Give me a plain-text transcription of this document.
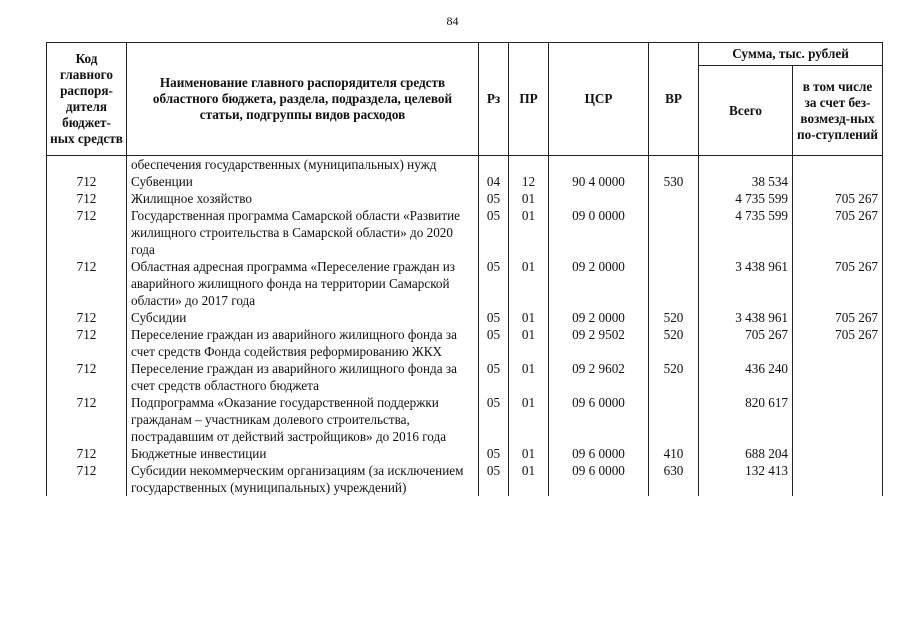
84
Код главного распоря-дителя бюджет-ных средств	Наименование главного распорядителя средств областного бюджета, раздела, подраздела, целевой статьи, подгруппы видов расходов	Рз	ПР	ЦСР	ВР	Сумма, тыс. рублей	
						Всего	в том числе за счет без-возмезд-ных по-ступлений
	обеспечения государственных (муниципальных) нужд						
712	Субвенции	04	12	90 4 0000	530	38 534	
712	Жилищное хозяйство	05	01			4 735 599	705 267
712	Государственная программа Самарской области «Развитие жилищного строительства в Самарской области» до 2020 года	05	01	09 0 0000		4 735 599	705 267
712	Областная адресная программа «Переселение граждан из аварийного жилищного фонда на территории Самарской области» до 2017 года	05	01	09 2 0000		3 438 961	705 267
712	Субсидии	05	01	09 2 0000	520	3 438 961	705 267
712	Переселение граждан из аварийного жилищного фонда за счет средств Фонда содействия реформированию ЖКХ	05	01	09 2 9502	520	705 267	705 267
712	Переселение граждан из аварийного жилищного фонда за счет средств областного бюджета	05	01	09 2 9602	520	436 240	
712	Подпрограмма «Оказание государственной поддержки гражданам – участникам долевого строительства, пострадавшим от действий застройщиков» до 2016 года	05	01	09 6 0000		820 617	
712	Бюджетные инвестиции	05	01	09 6 0000	410	688 204	
712	Субсидии некоммерческим организациям (за исключением государственных (муниципальных) учреждений)	05	01	09 6 0000	630	132 413	
